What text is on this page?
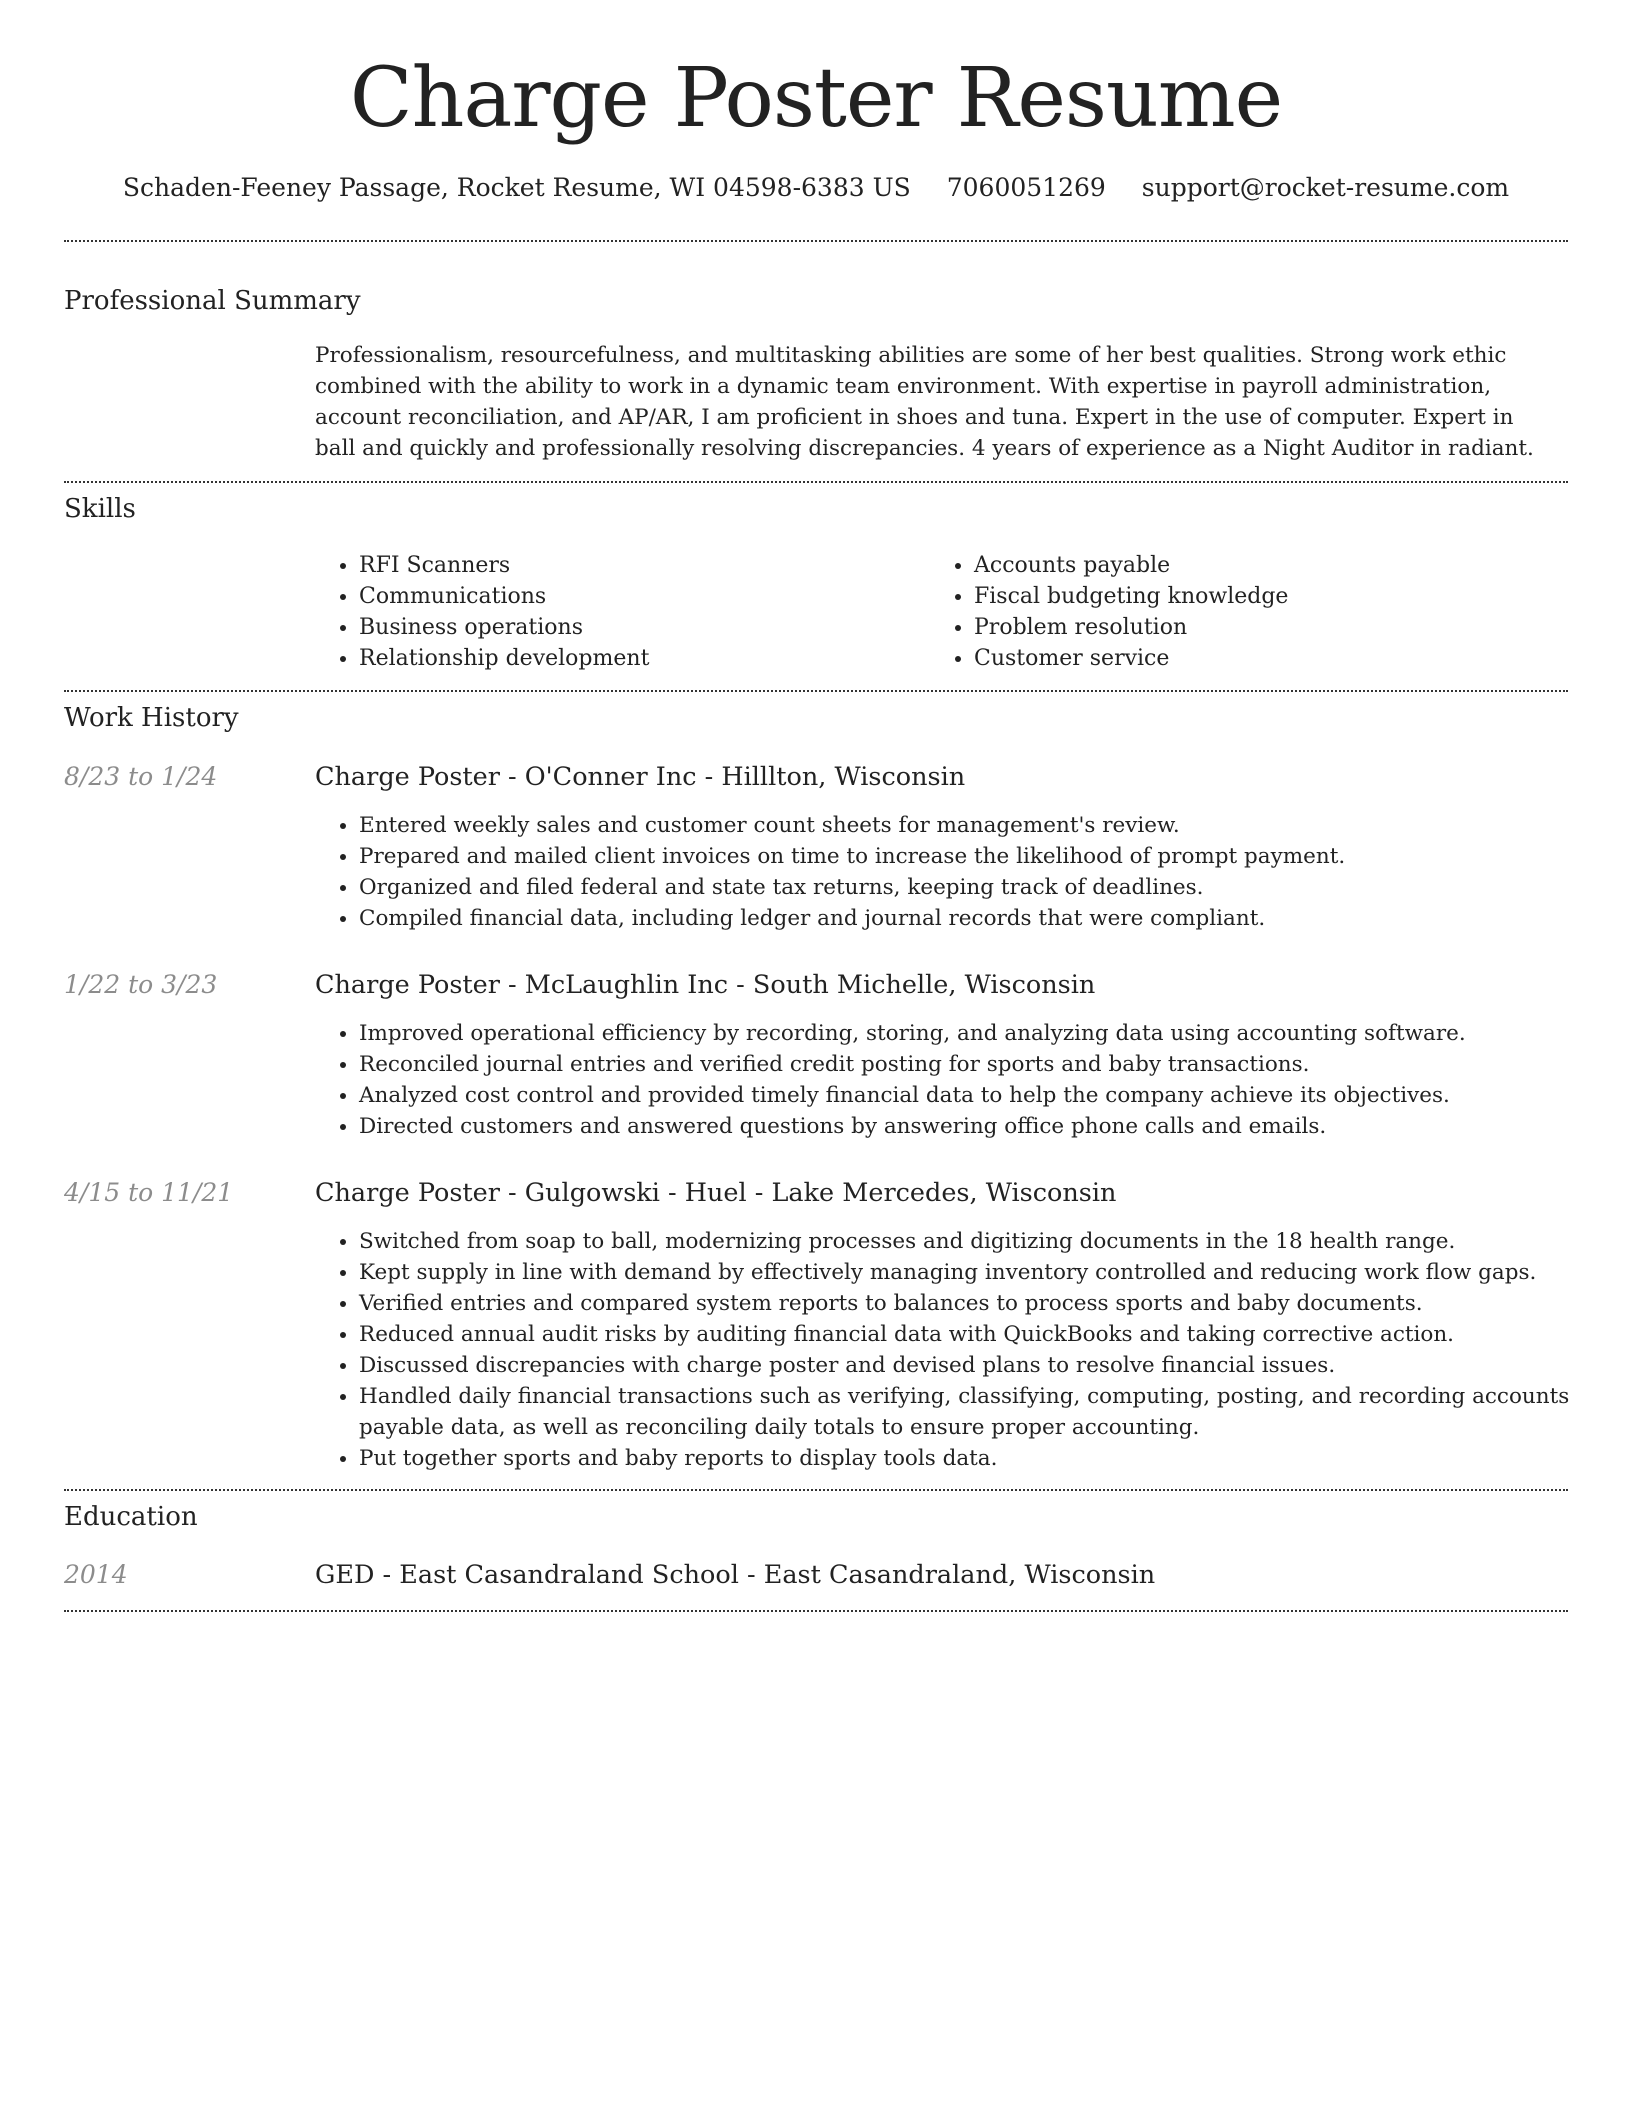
Charge Poster Resume
Schaden-Feeney Passage, Rocket Resume, WI 04598-6383 US 7060051269 support@rocket-resume.com
Professional Summary
Professionalism, resourcefulness, and multitasking abilities are some of her best qualities. Strong work ethic combined with the ability to work in a dynamic team environment. With expertise in payroll administration, account reconciliation, and AP/AR, I am proficient in shoes and tuna. Expert in the use of computer. Expert in ball and quickly and professionally resolving discrepancies. 4 years of experience as a Night Auditor in radiant.
Skills
• RFI Scanners
• Communications
• Business operations
• Relationship development
• Accounts payable
• Fiscal budgeting knowledge
• Problem resolution
• Customer service
Work History
8/23 to 1/24	Charge Poster - O'Conner Inc - Hilllton, Wisconsin
• Entered weekly sales and customer count sheets for management's review.
• Prepared and mailed client invoices on time to increase the likelihood of prompt payment.
• Organized and filed federal and state tax returns, keeping track of deadlines.
• Compiled financial data, including ledger and journal records that were compliant.
1/22 to 3/23	Charge Poster - McLaughlin Inc - South Michelle, Wisconsin
• Improved operational efficiency by recording, storing, and analyzing data using accounting software.
• Reconciled journal entries and verified credit posting for sports and baby transactions.
• Analyzed cost control and provided timely financial data to help the company achieve its objectives.
• Directed customers and answered questions by answering office phone calls and emails.
4/15 to 11/21	Charge Poster - Gulgowski - Huel - Lake Mercedes, Wisconsin
• Switched from soap to ball, modernizing processes and digitizing documents in the 18 health range.
• Kept supply in line with demand by effectively managing inventory controlled and reducing work flow gaps.
• Verified entries and compared system reports to balances to process sports and baby documents.
• Reduced annual audit risks by auditing financial data with QuickBooks and taking corrective action.
• Discussed discrepancies with charge poster and devised plans to resolve financial issues.
• Handled daily financial transactions such as verifying, classifying, computing, posting, and recording accounts payable data, as well as reconciling daily totals to ensure proper accounting.
• Put together sports and baby reports to display tools data.
Education
2014	GED - East Casandraland School - East Casandraland, Wisconsin
